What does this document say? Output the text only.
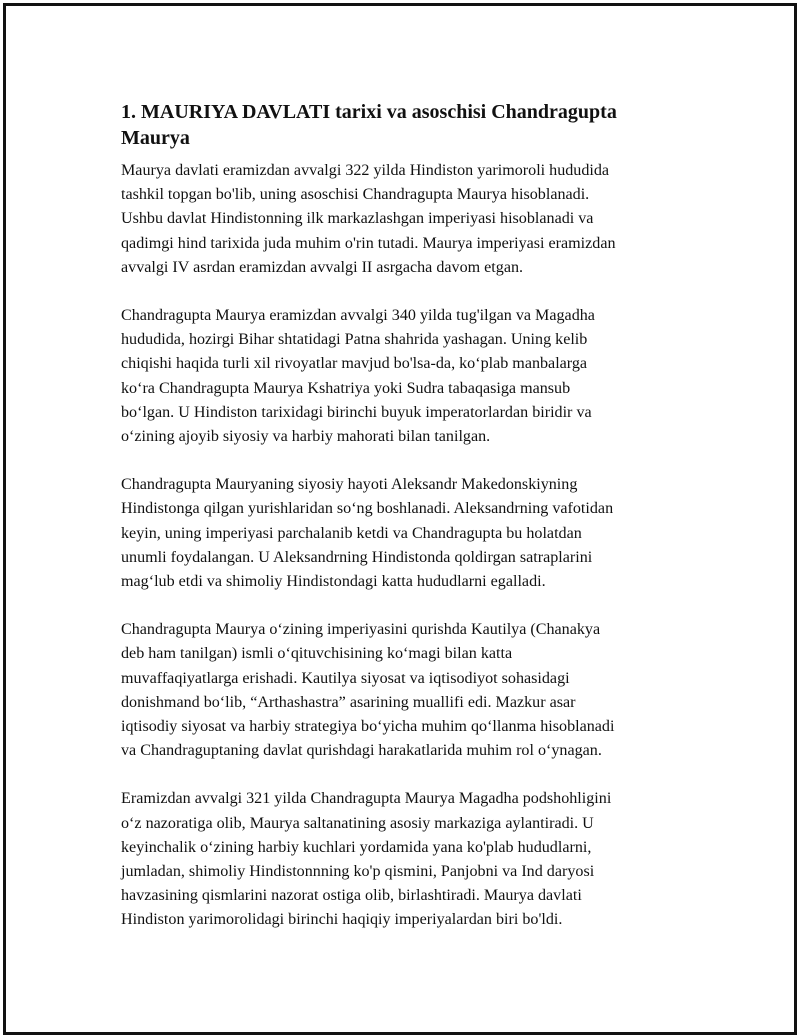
1. MAURIYA DAVLATI tarixi va asoschisi Chandragupta
Maurya

Maurya davlati eramizdan avvalgi 322 yilda Hindiston yarimoroli hududida
tashkil topgan bo'lib, uning asoschisi Chandragupta Maurya hisoblanadi.
Ushbu davlat Hindistonning ilk markazlashgan imperiyasi hisoblanadi va
qadimgi hind tarixida juda muhim o'rin tutadi. Maurya imperiyasi eramizdan
avvalgi IV asrdan eramizdan avvalgi II asrgacha davom etgan.

Chandragupta Maurya eramizdan avvalgi 340 yilda tug'ilgan va Magadha
hududida, hozirgi Bihar shtatidagi Patna shahrida yashagan. Uning kelib
chiqishi haqida turli xil rivoyatlar mavjud bo'lsa-da, koʻplab manbalarga
koʻra Chandragupta Maurya Kshatriya yoki Sudra tabaqasiga mansub
boʻlgan. U Hindiston tarixidagi birinchi buyuk imperatorlardan biridir va
oʻzining ajoyib siyosiy va harbiy mahorati bilan tanilgan.

Chandragupta Mauryaning siyosiy hayoti Aleksandr Makedonskiyning
Hindistonga qilgan yurishlaridan soʻng boshlanadi. Aleksandrning vafotidan
keyin, uning imperiyasi parchalanib ketdi va Chandragupta bu holatdan
unumli foydalangan. U Aleksandrning Hindistonda qoldirgan satraplarini
magʻlub etdi va shimoliy Hindistondagi katta hududlarni egalladi.

Chandragupta Maurya oʻzining imperiyasini qurishda Kautilya (Chanakya
deb ham tanilgan) ismli oʻqituvchisining koʻmagi bilan katta
muvaffaqiyatlarga erishadi. Kautilya siyosat va iqtisodiyot sohasidagi
donishmand boʻlib, “Arthashastra” asarining muallifi edi. Mazkur asar
iqtisodiy siyosat va harbiy strategiya boʻyicha muhim qoʻllanma hisoblanadi
va Chandraguptaning davlat qurishdagi harakatlarida muhim rol oʻynagan.

Eramizdan avvalgi 321 yilda Chandragupta Maurya Magadha podshohligini
oʻz nazoratiga olib, Maurya saltanatining asosiy markaziga aylantiradi. U
keyinchalik oʻzining harbiy kuchlari yordamida yana ko'plab hududlarni,
jumladan, shimoliy Hindistonnning ko'p qismini, Panjobni va Ind daryosi
havzasining qismlarini nazorat ostiga olib, birlashtiradi. Maurya davlati
Hindiston yarimorolidagi birinchi haqiqiy imperiyalardan biri bo'ldi.
